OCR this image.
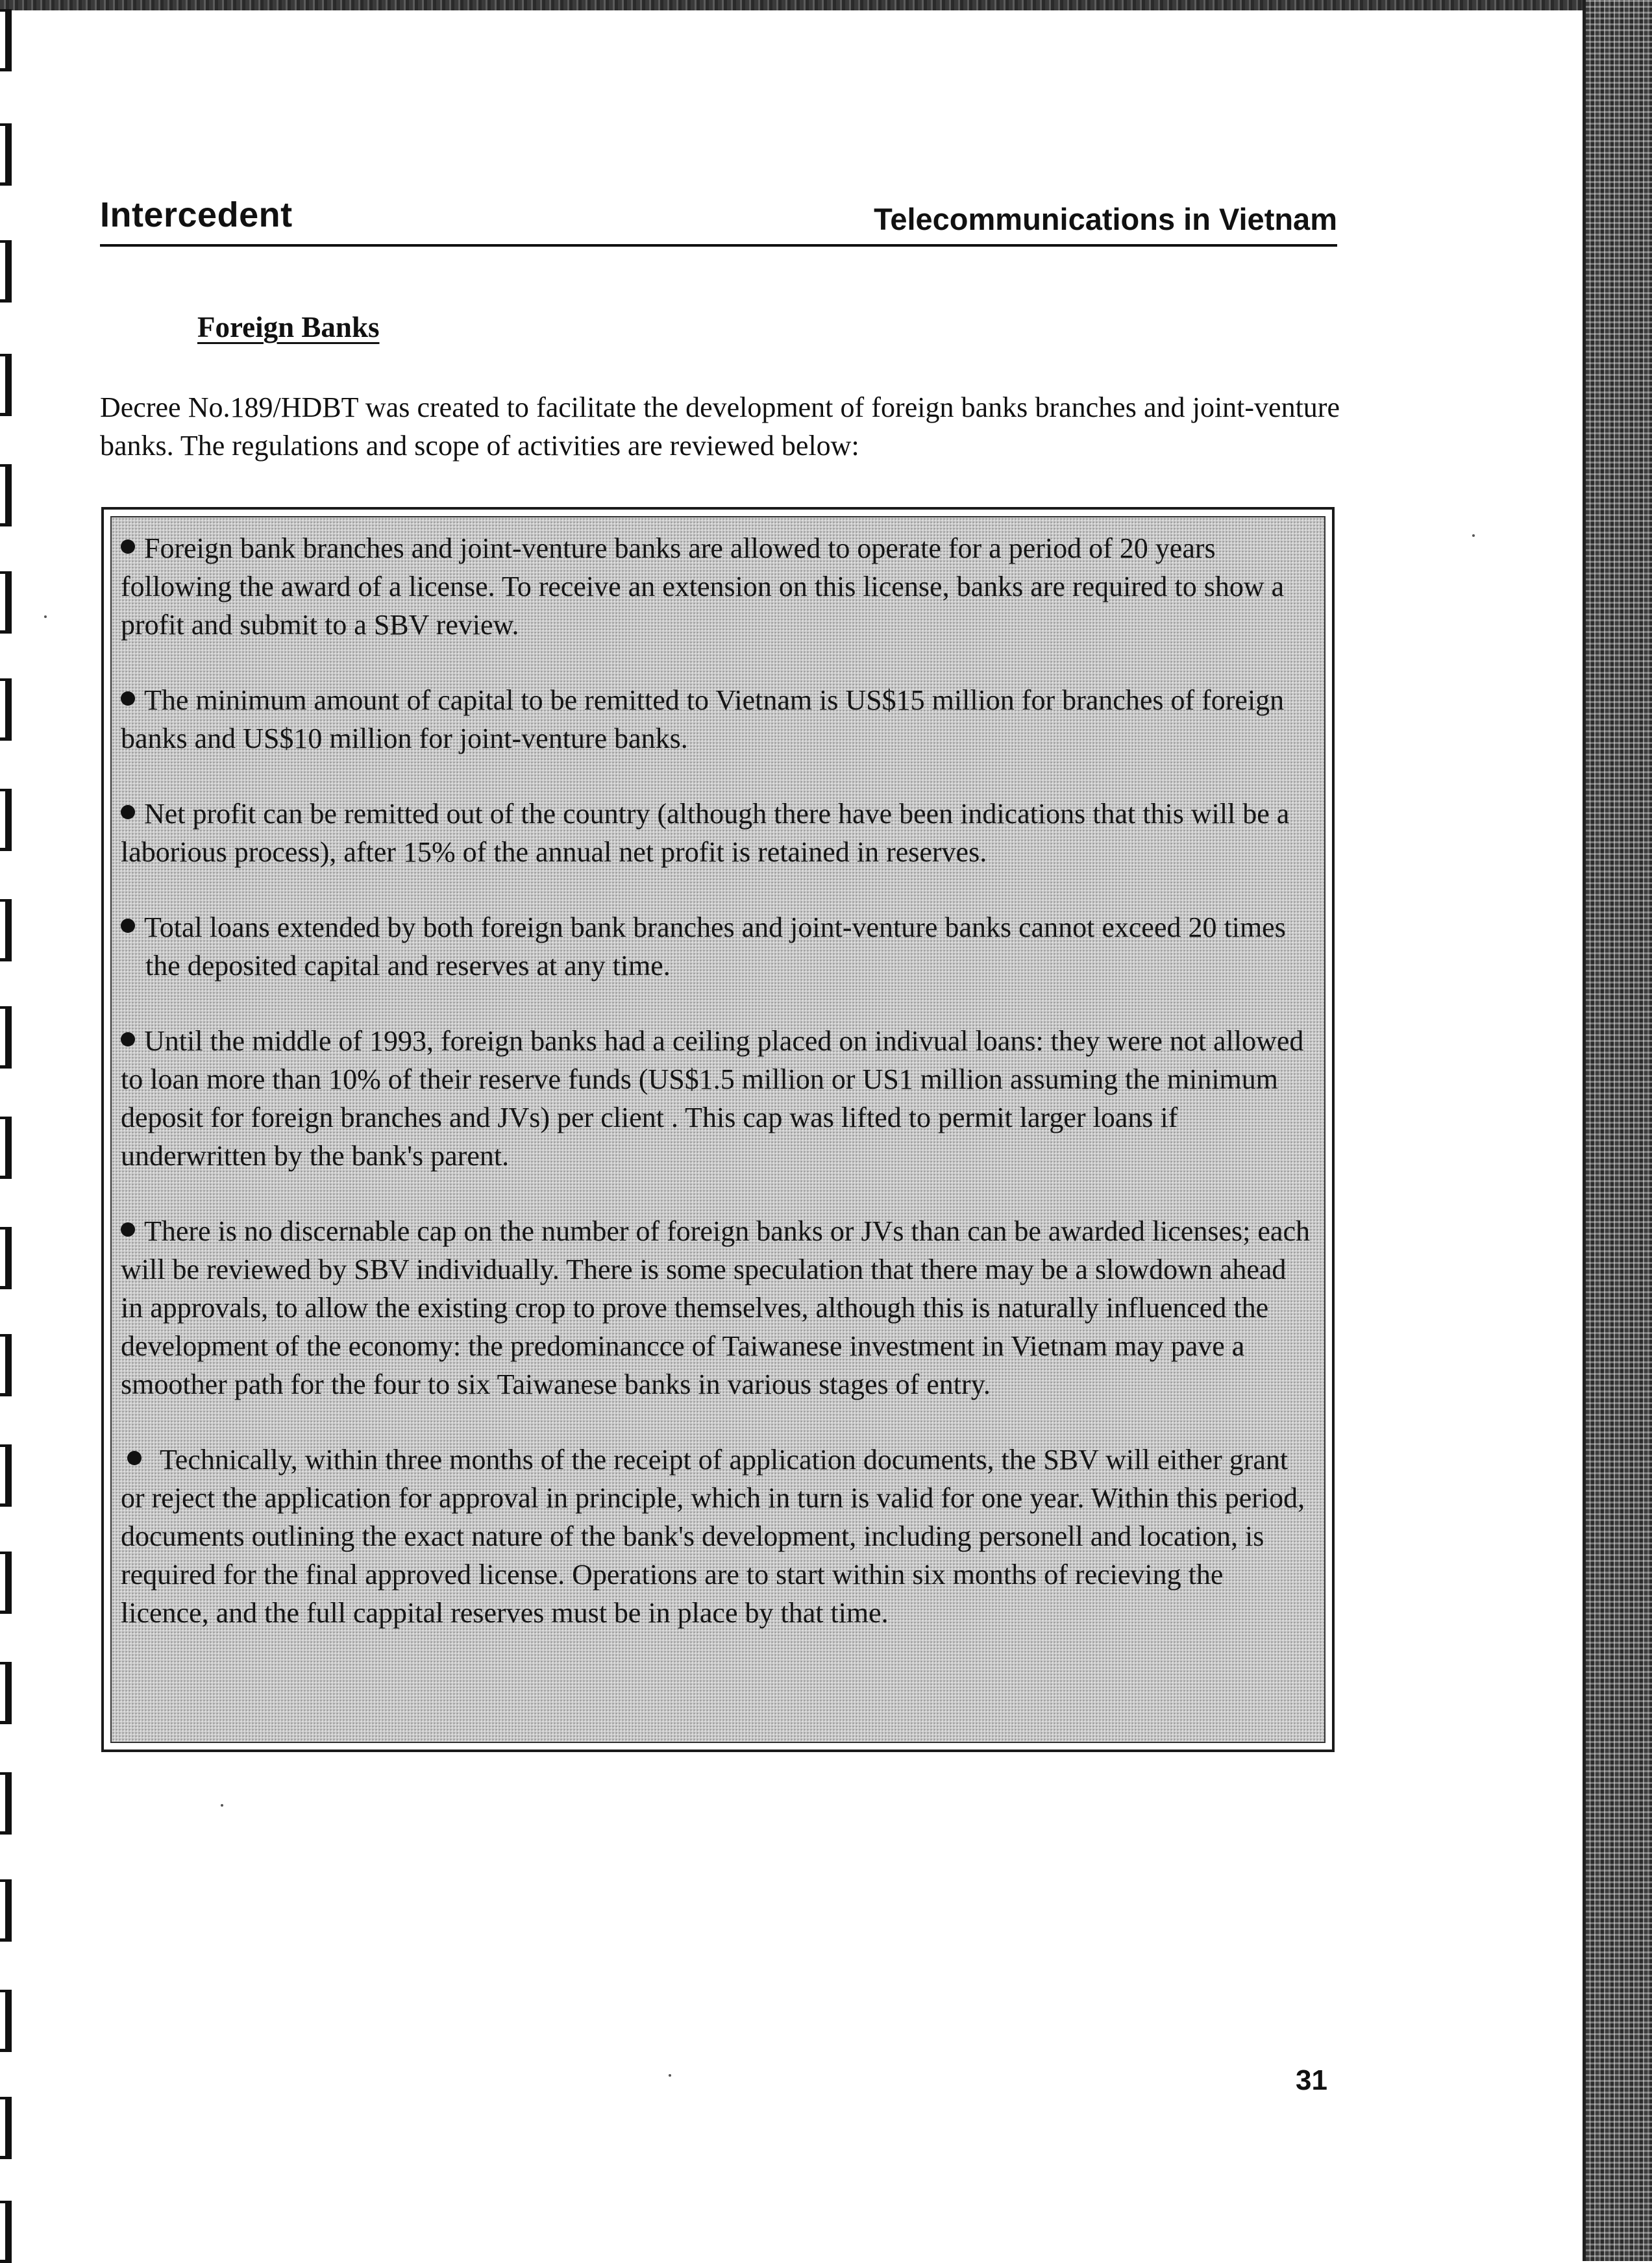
Intercedent	Telecommunications in Vietnam
Foreign Banks

Decree No.189/HDBT was created to facilitate the development of foreign banks branches and joint-venture banks. The regulations and scope of activities are reviewed below:

Foreign bank branches and joint-venture banks are allowed to operate for a period of 20 years following the award of a license. To receive an extension on this license, banks are required to show a profit and submit to a SBV review.
The minimum amount of capital to be remitted to Vietnam is US$15 million for branches of foreign banks and US$10 million for joint-venture banks.
Net profit can be remitted out of the country (although there have been indications that this will be a laborious process), after 15% of the annual net profit is retained in reserves.
Total loans extended by both foreign bank branches and joint-venture banks cannot exceed 20 times the deposited capital and reserves at any time.
Until the middle of 1993, foreign banks had a ceiling placed on indivual loans: they were not allowed to loan more than 10% of their reserve funds (US$1.5 million or US1 million assuming the minimum deposit for foreign branches and JVs) per client . This cap was lifted to permit larger loans if underwritten by the bank's parent.
There is no discernable cap on the number of foreign banks or JVs than can be awarded licenses; each will be reviewed by SBV individually. There is some speculation that there may be a slowdown ahead in approvals, to allow the existing crop to prove themselves, although this is naturally influenced the development of the economy: the predominancce of Taiwanese investment in Vietnam may pave a smoother path for the four to six Taiwanese banks in various stages of entry.
Technically, within three months of the receipt of application documents, the SBV will either grant or reject the application for approval in principle, which in turn is valid for one year. Within this period, documents outlining the exact nature of the bank's development, including personell and location, is required for the final approved license. Operations are to start within six months of recieving the licence, and the full cappital reserves must be in place by that time.

31
